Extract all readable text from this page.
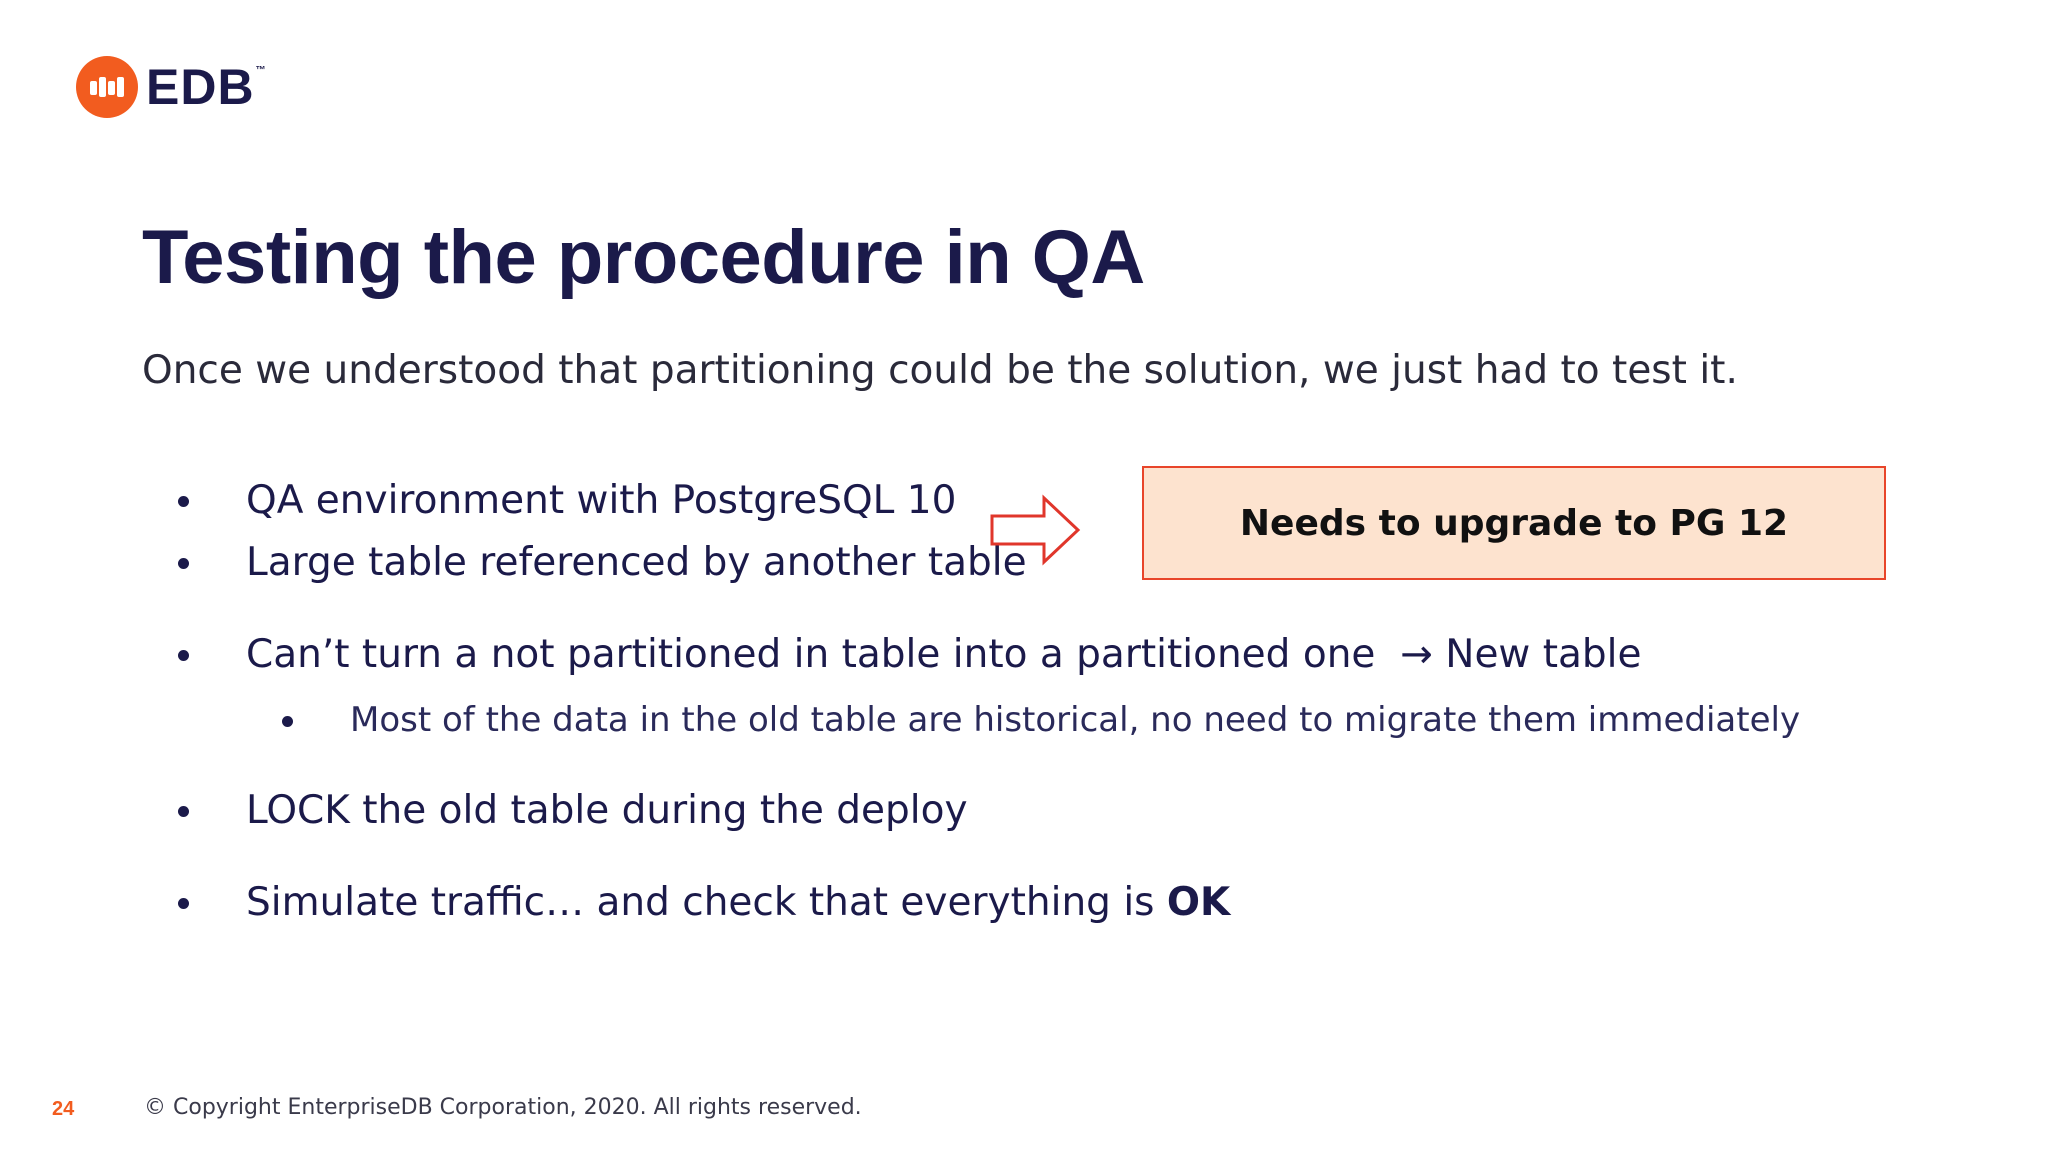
EDB™
Testing the procedure in QA
Once we understood that partitioning could be the solution, we just had to test it.
QA environment with PostgreSQL 10
Large table referenced by another table
Needs to upgrade to PG 12
Can’t turn a not partitioned in table into a partitioned one  → New table
Most of the data in the old table are historical, no need to migrate them immediately
LOCK the old table during the deploy
Simulate traffic… and check that everything is OK
24	© Copyright EnterpriseDB Corporation, 2020. All rights reserved.
